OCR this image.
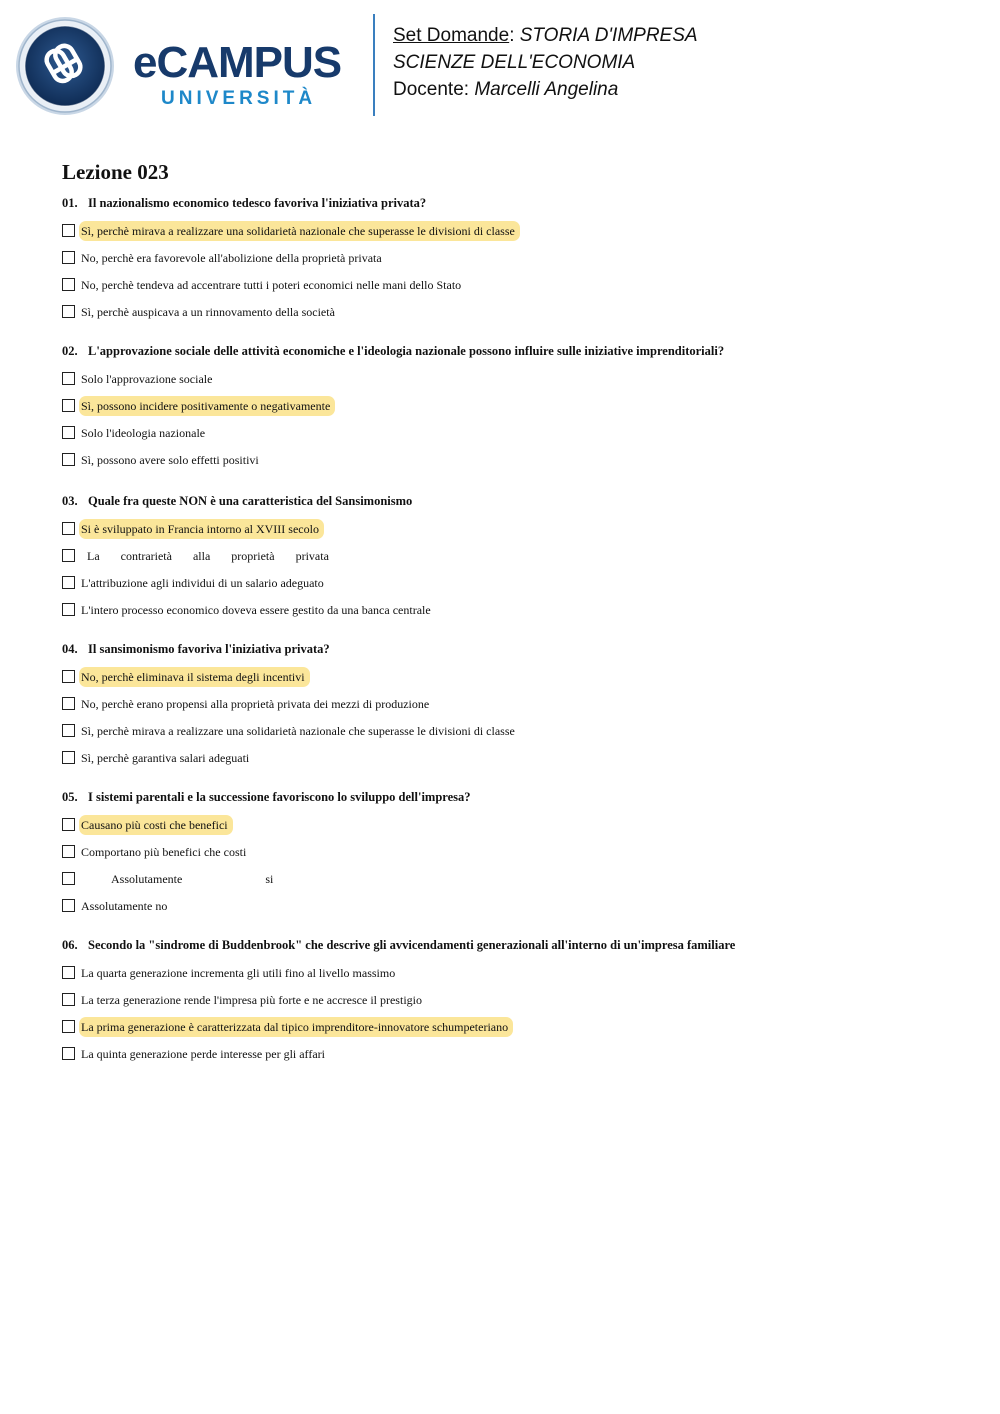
eCAMPUS
UNIVERSITÀ
Set Domande: STORIA D'IMPRESA
SCIENZE DELL'ECONOMIA
Docente: Marcelli Angelina
Lezione 023
01. Il nazionalismo economico tedesco favoriva l'iniziativa privata?
Sì, perchè mirava a realizzare una solidarietà nazionale che superasse le divisioni di classe
No, perchè era favorevole all'abolizione della proprietà privata
No, perchè tendeva ad accentrare tutti i poteri economici nelle mani dello Stato
Sì, perchè auspicava a un rinnovamento della società
02. L'approvazione sociale delle attività economiche e l'ideologia nazionale possono influire sulle iniziative imprenditoriali?
Solo l'approvazione sociale
Sì, possono incidere positivamente o negativamente
Solo l'ideologia nazionale
Sì, possono avere solo effetti positivi
03. Quale fra queste NON è una caratteristica del Sansimonismo
Si è sviluppato in Francia intorno al XVIII secolo
La contrarietà alla proprietà privata
L'attribuzione agli individui di un salario adeguato
L'intero processo economico doveva essere gestito da una banca centrale
04. Il sansimonismo favoriva l'iniziativa privata?
No, perchè eliminava il sistema degli incentivi
No, perchè erano propensi alla proprietà privata dei mezzi di produzione
Sì, perchè mirava a realizzare una solidarietà nazionale che superasse le divisioni di classe
Sì, perchè garantiva salari adeguati
05. I sistemi parentali e la successione favoriscono lo sviluppo dell'impresa?
Causano più costi che benefici
Comportano più benefici che costi
Assolutamente si
Assolutamente no
06. Secondo la "sindrome di Buddenbrook" che descrive gli avvicendamenti generazionali all'interno di un'impresa familiare
La quarta generazione incrementa gli utili fino al livello massimo
La terza generazione rende l'impresa più forte e ne accresce il prestigio
La prima generazione è caratterizzata dal tipico imprenditore-innovatore schumpeteriano
La quinta generazione perde interesse per gli affari
